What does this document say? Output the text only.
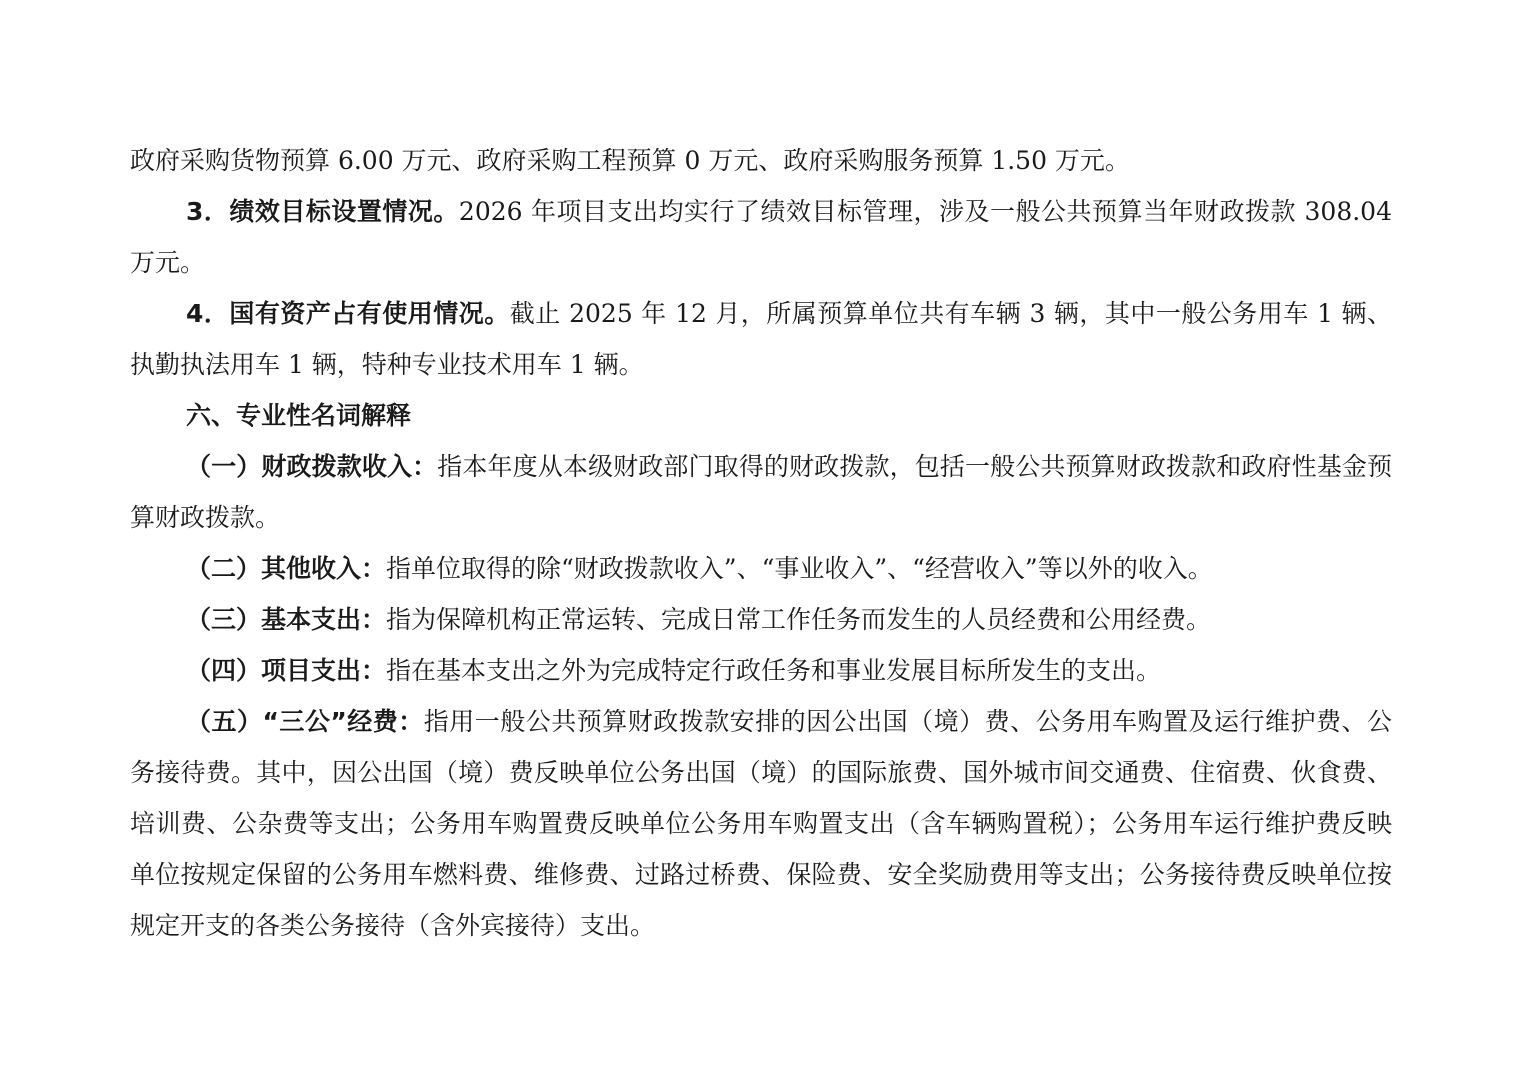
政府采购货物预算 6.00 万元、政府采购工程预算 0 万元、政府采购服务预算 1.50 万元。

3．绩效目标设置情况。2026 年项目支出均实行了绩效目标管理，涉及一般公共预算当年财政拨款 308.04 万元。

4．国有资产占有使用情况。截止 2025 年 12 月，所属预算单位共有车辆 3 辆，其中一般公务用车 1 辆、执勤执法用车 1 辆，特种专业技术用车 1 辆。

六、专业性名词解释

（一）财政拨款收入：指本年度从本级财政部门取得的财政拨款，包括一般公共预算财政拨款和政府性基金预算财政拨款。

（二）其他收入：指单位取得的除“财政拨款收入”、“事业收入”、“经营收入”等以外的收入。

（三）基本支出：指为保障机构正常运转、完成日常工作任务而发生的人员经费和公用经费。

（四）项目支出：指在基本支出之外为完成特定行政任务和事业发展目标所发生的支出。

（五）“三公”经费：指用一般公共预算财政拨款安排的因公出国（境）费、公务用车购置及运行维护费、公务接待费。其中，因公出国（境）费反映单位公务出国（境）的国际旅费、国外城市间交通费、住宿费、伙食费、培训费、公杂费等支出；公务用车购置费反映单位公务用车购置支出（含车辆购置税）；公务用车运行维护费反映单位按规定保留的公务用车燃料费、维修费、过路过桥费、保险费、安全奖励费用等支出；公务接待费反映单位按规定开支的各类公务接待（含外宾接待）支出。
